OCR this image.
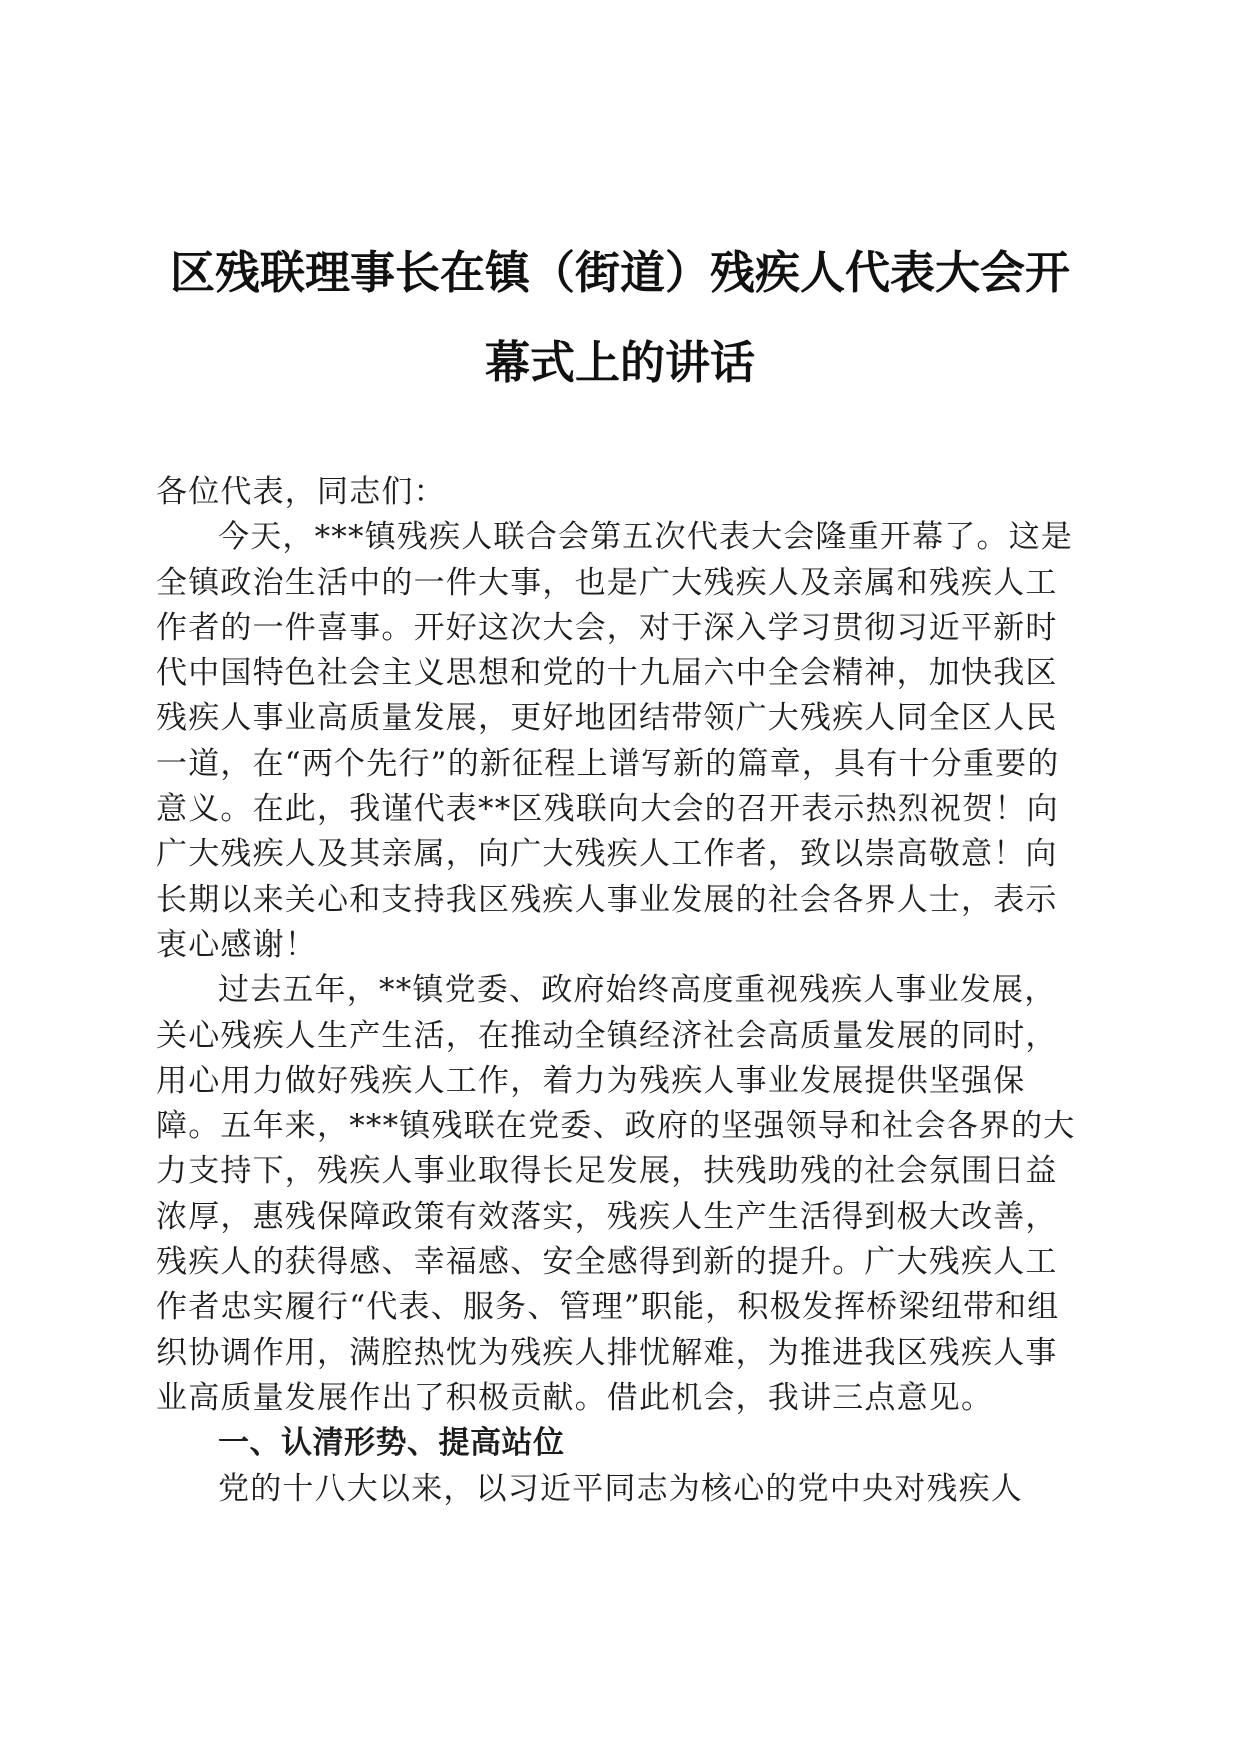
区残联理事长在镇（街道）残疾人代表大会开幕式上的讲话

各位代表，同志们：

今天，***镇残疾人联合会第五次代表大会隆重开幕了。这是全镇政治生活中的一件大事，也是广大残疾人及亲属和残疾人工作者的一件喜事。开好这次大会，对于深入学习贯彻习近平新时代中国特色社会主义思想和党的十九届六中全会精神，加快我区残疾人事业高质量发展，更好地团结带领广大残疾人同全区人民一道，在“两个先行”的新征程上谱写新的篇章，具有十分重要的意义。在此，我谨代表**区残联向大会的召开表示热烈祝贺！向广大残疾人及其亲属，向广大残疾人工作者，致以崇高敬意！向长期以来关心和支持我区残疾人事业发展的社会各界人士，表示衷心感谢！

过去五年，**镇党委、政府始终高度重视残疾人事业发展，关心残疾人生产生活，在推动全镇经济社会高质量发展的同时，用心用力做好残疾人工作，着力为残疾人事业发展提供坚强保障。五年来，***镇残联在党委、政府的坚强领导和社会各界的大力支持下，残疾人事业取得长足发展，扶残助残的社会氛围日益浓厚，惠残保障政策有效落实，残疾人生产生活得到极大改善，残疾人的获得感、幸福感、安全感得到新的提升。广大残疾人工作者忠实履行“代表、服务、管理”职能，积极发挥桥梁纽带和组织协调作用，满腔热忱为残疾人排忧解难，为推进我区残疾人事业高质量发展作出了积极贡献。借此机会，我讲三点意见。

一、认清形势、提高站位

党的十八大以来，以习近平同志为核心的党中央对残疾人
